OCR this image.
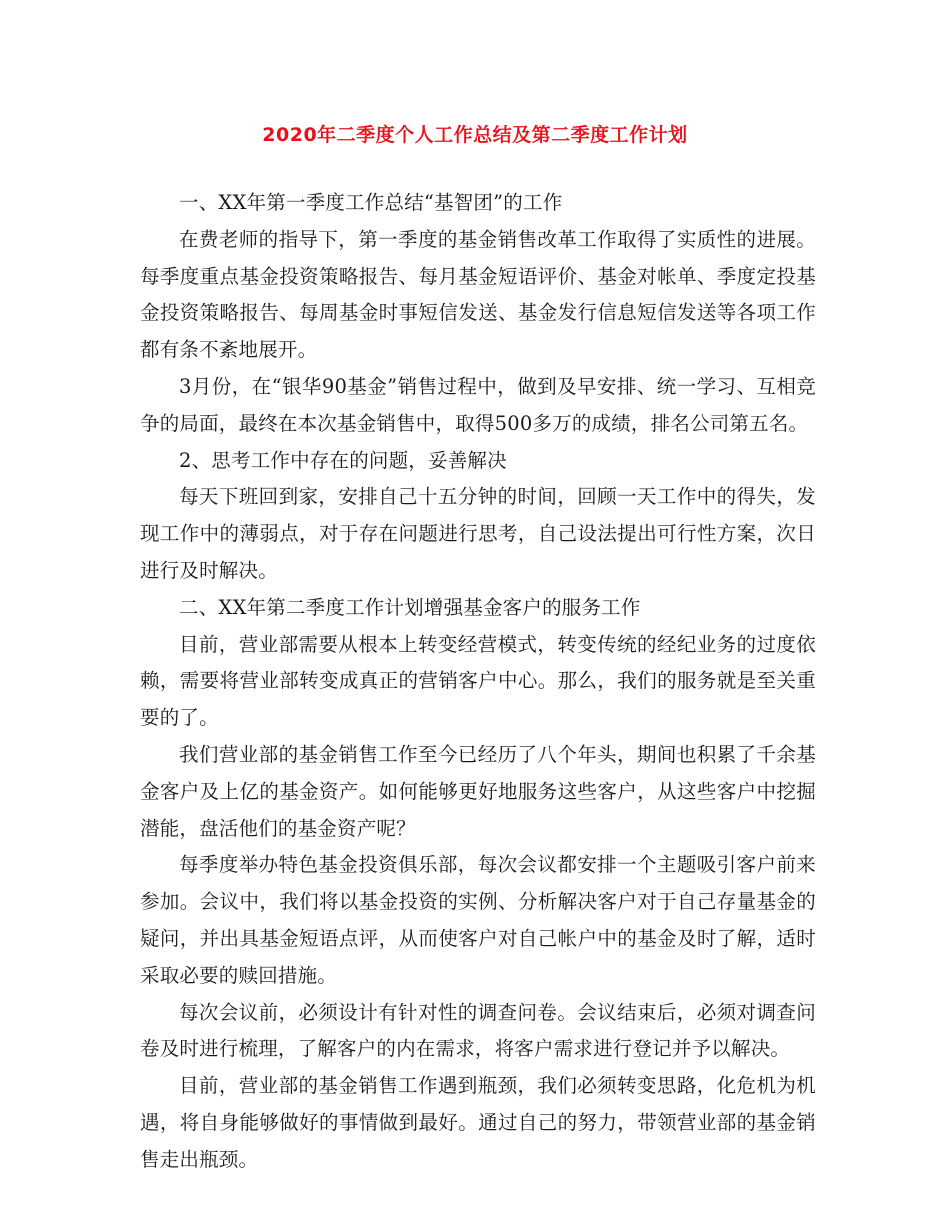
2020年二季度个人工作总结及第二季度工作计划

一、XX年第一季度工作总结“基智团”的工作

在费老师的指导下，第一季度的基金销售改革工作取得了实质性的进展。每季度重点基金投资策略报告、每月基金短语评价、基金对帐单、季度定投基金投资策略报告、每周基金时事短信发送、基金发行信息短信发送等各项工作都有条不紊地展开。

3月份，在“银华90基金”销售过程中，做到及早安排、统一学习、互相竞争的局面，最终在本次基金销售中，取得500多万的成绩，排名公司第五名。

2、思考工作中存在的问题，妥善解决

每天下班回到家，安排自己十五分钟的时间，回顾一天工作中的得失，发现工作中的薄弱点，对于存在问题进行思考，自己设法提出可行性方案，次日进行及时解决。

二、XX年第二季度工作计划增强基金客户的服务工作

目前，营业部需要从根本上转变经营模式，转变传统的经纪业务的过度依赖，需要将营业部转变成真正的营销客户中心。那么，我们的服务就是至关重要的了。

我们营业部的基金销售工作至今已经历了八个年头，期间也积累了千余基金客户及上亿的基金资产。如何能够更好地服务这些客户，从这些客户中挖掘潜能，盘活他们的基金资产呢？

每季度举办特色基金投资俱乐部，每次会议都安排一个主题吸引客户前来参加。会议中，我们将以基金投资的实例、分析解决客户对于自己存量基金的疑问，并出具基金短语点评，从而使客户对自己帐户中的基金及时了解，适时采取必要的赎回措施。

每次会议前，必须设计有针对性的调查问卷。会议结束后，必须对调查问卷及时进行梳理，了解客户的内在需求，将客户需求进行登记并予以解决。

目前，营业部的基金销售工作遇到瓶颈，我们必须转变思路，化危机为机遇，将自身能够做好的事情做到最好。通过自己的努力，带领营业部的基金销售走出瓶颈。
